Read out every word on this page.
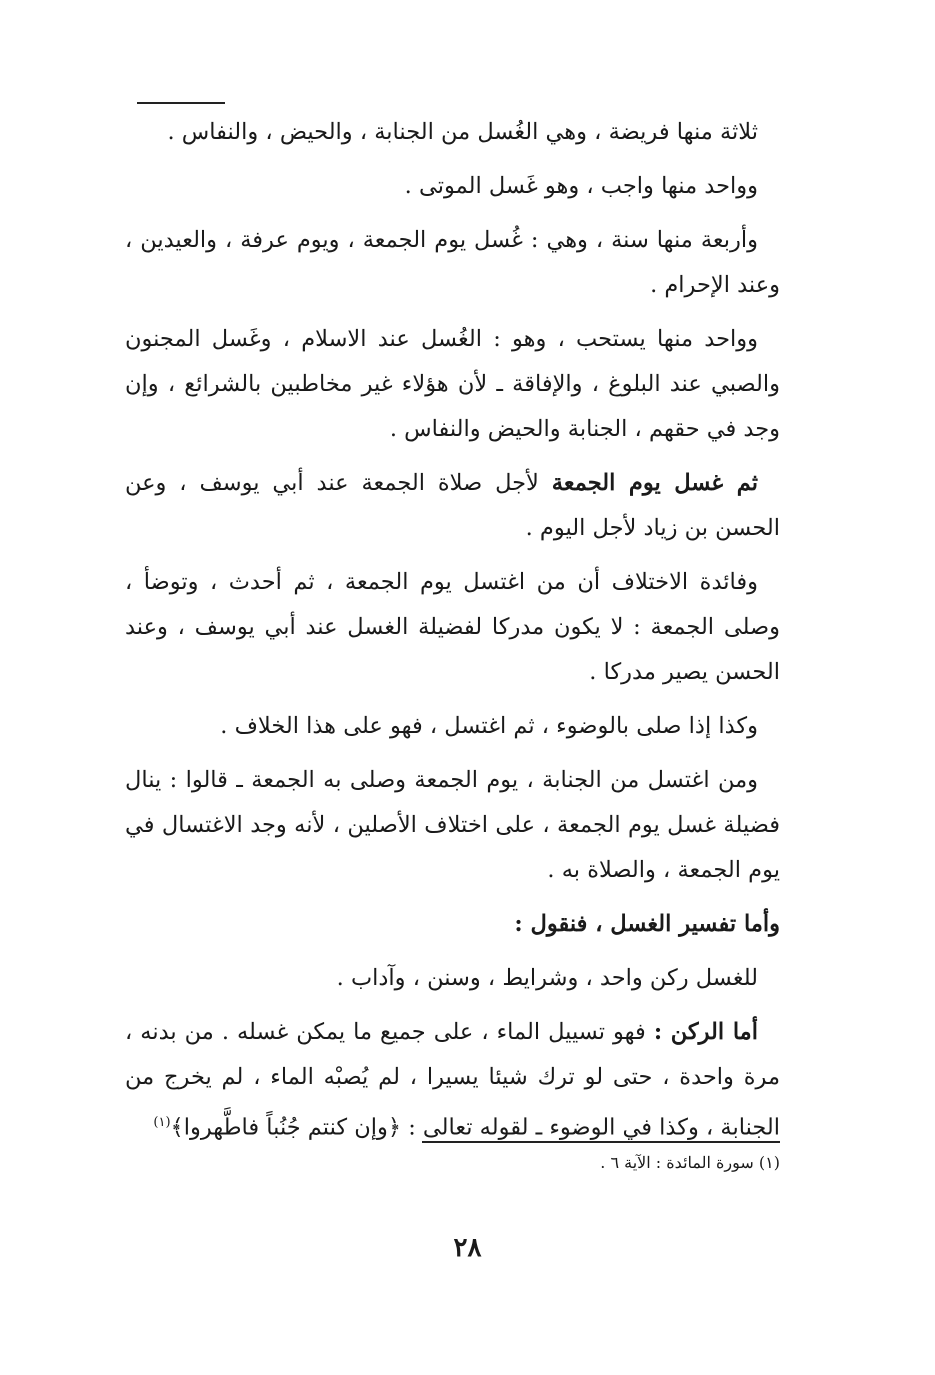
ثلاثة منها فريضة ، وهي الغُسل من الجنابة ، والحيض ، والنفاس .

وواحد منها واجب ، وهو غَسل الموتى .

وأربعة منها سنة ، وهي : غُسل يوم الجمعة ، ويوم عرفة ، والعيدين ، وعند الإحرام .

وواحد منها يستحب ، وهو : الغُسل عند الاسلام ، وغَسل المجنون والصبي عند البلوغ ، والإفاقة ـ لأن هؤلاء غير مخاطبين بالشرائع ، وإن وجد في حقهم ، الجنابة والحيض والنفاس .

ثم غسل يوم الجمعة لأجل صلاة الجمعة عند أبي يوسف ، وعن الحسن بن زياد لأجل اليوم .

وفائدة الاختلاف أن من اغتسل يوم الجمعة ، ثم أحدث ، وتوضأ ، وصلى الجمعة : لا يكون مدركا لفضيلة الغسل عند أبي يوسف ، وعند الحسن يصير مدركا .

وكذا إذا صلى بالوضوء ، ثم اغتسل ، فهو على هذا الخلاف .

ومن اغتسل من الجنابة ، يوم الجمعة وصلى به الجمعة ـ قالوا : ينال فضيلة غسل يوم الجمعة ، على اختلاف الأصلين ، لأنه وجد الاغتسال في يوم الجمعة ، والصلاة به .

وأما تفسير الغسل ، فنقول :

للغسل ركن واحد ، وشرايط ، وسنن ، وآداب .

أما الركن : فهو تسييل الماء ، على جميع ما يمكن غسله . من بدنه ، مرة واحدة ، حتى لو ترك شيئا يسيرا ، لم يُصبْه الماء ، لم يخرج من الجنابة ، وكذا في الوضوء ـ لقوله تعالى : ﴿وإن كنتم جُنُباً فاطَّهروا﴾$^{(١)}$

(١) سورة المائدة : الآية ٦ .
٢٨
